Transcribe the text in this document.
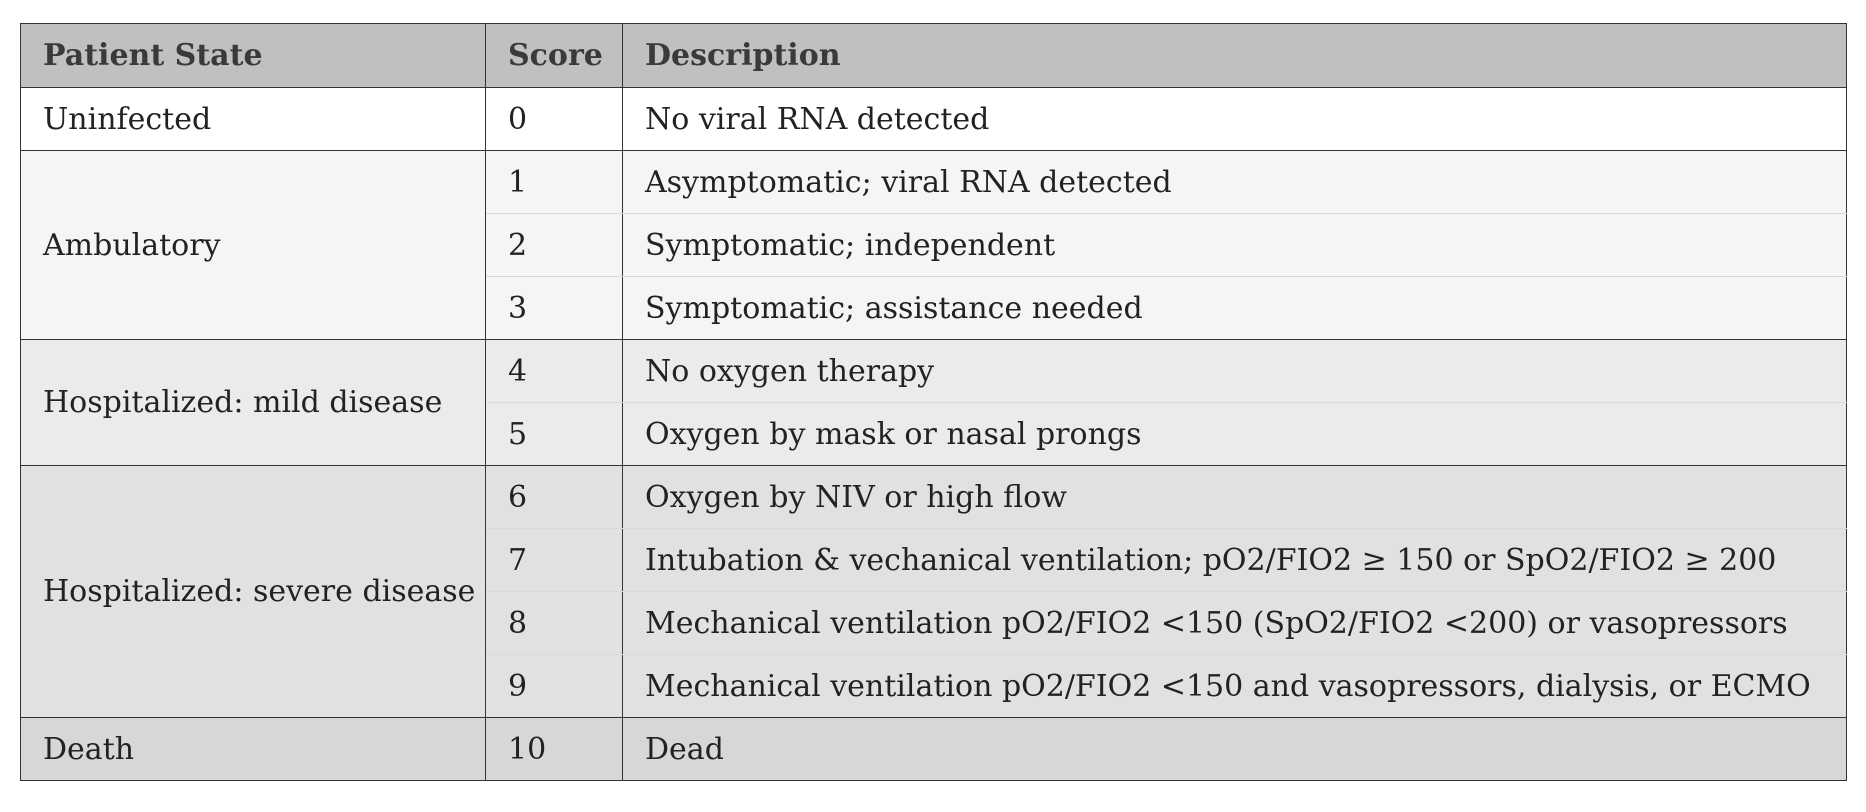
Patient State	Score	Description
Uninfected	0	No viral RNA detected
Ambulatory	1	Asymptomatic; viral RNA detected
	2	Symptomatic; independent
	3	Symptomatic; assistance needed
Hospitalized: mild disease	4	No oxygen therapy
	5	Oxygen by mask or nasal prongs
Hospitalized: severe disease	6	Oxygen by NIV or high flow
	7	Intubation & vechanical ventilation; pO2/FIO2 ≥ 150 or SpO2/FIO2 ≥ 200
	8	Mechanical ventilation pO2/FIO2 <150 (SpO2/FIO2 <200) or vasopressors
	9	Mechanical ventilation pO2/FIO2 <150 and vasopressors, dialysis, or ECMO
Death	10	Dead
